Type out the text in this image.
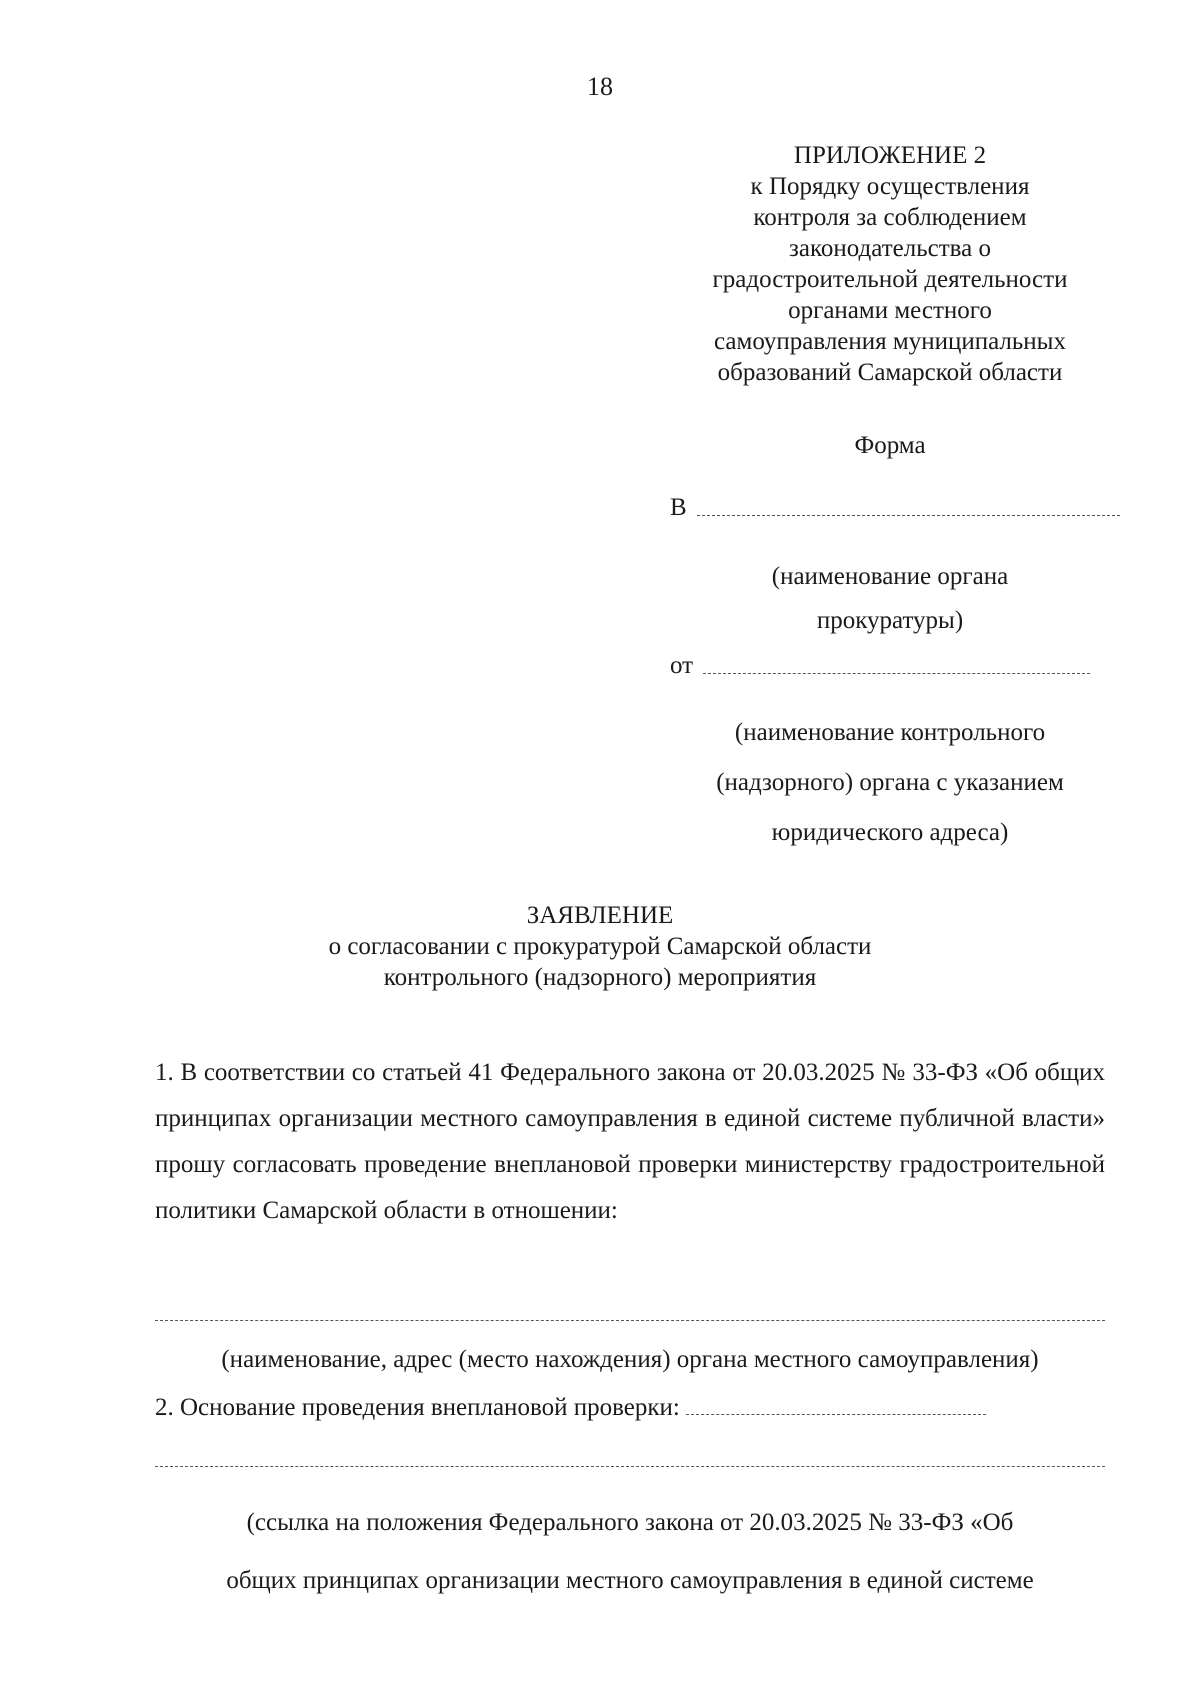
18
ПРИЛОЖЕНИЕ 2
к Порядку осуществления
контроля за соблюдением
законодательства о
градостроительной деятельности
органами местного
самоуправления муниципальных
образований Самарской области
Форма
В
(наименование органа
прокуратуры)
от
(наименование контрольного
(надзорного) органа с указанием
юридического адреса)
ЗАЯВЛЕНИЕ
о согласовании с прокуратурой Самарской области
контрольного (надзорного) мероприятия
1. В соответствии со статьей 41 Федерального закона от 20.03.2025 № 33-ФЗ «Об общих принципах организации местного самоуправления в единой системе публичной власти» прошу согласовать проведение внеплановой проверки министерству градостроительной политики Самарской области в отношении:
(наименование, адрес (место нахождения) органа местного самоуправления)
2. Основание проведения внеплановой проверки:
(ссылка на положения Федерального закона от 20.03.2025 № 33-ФЗ «Об
общих принципах организации местного самоуправления в единой системе
